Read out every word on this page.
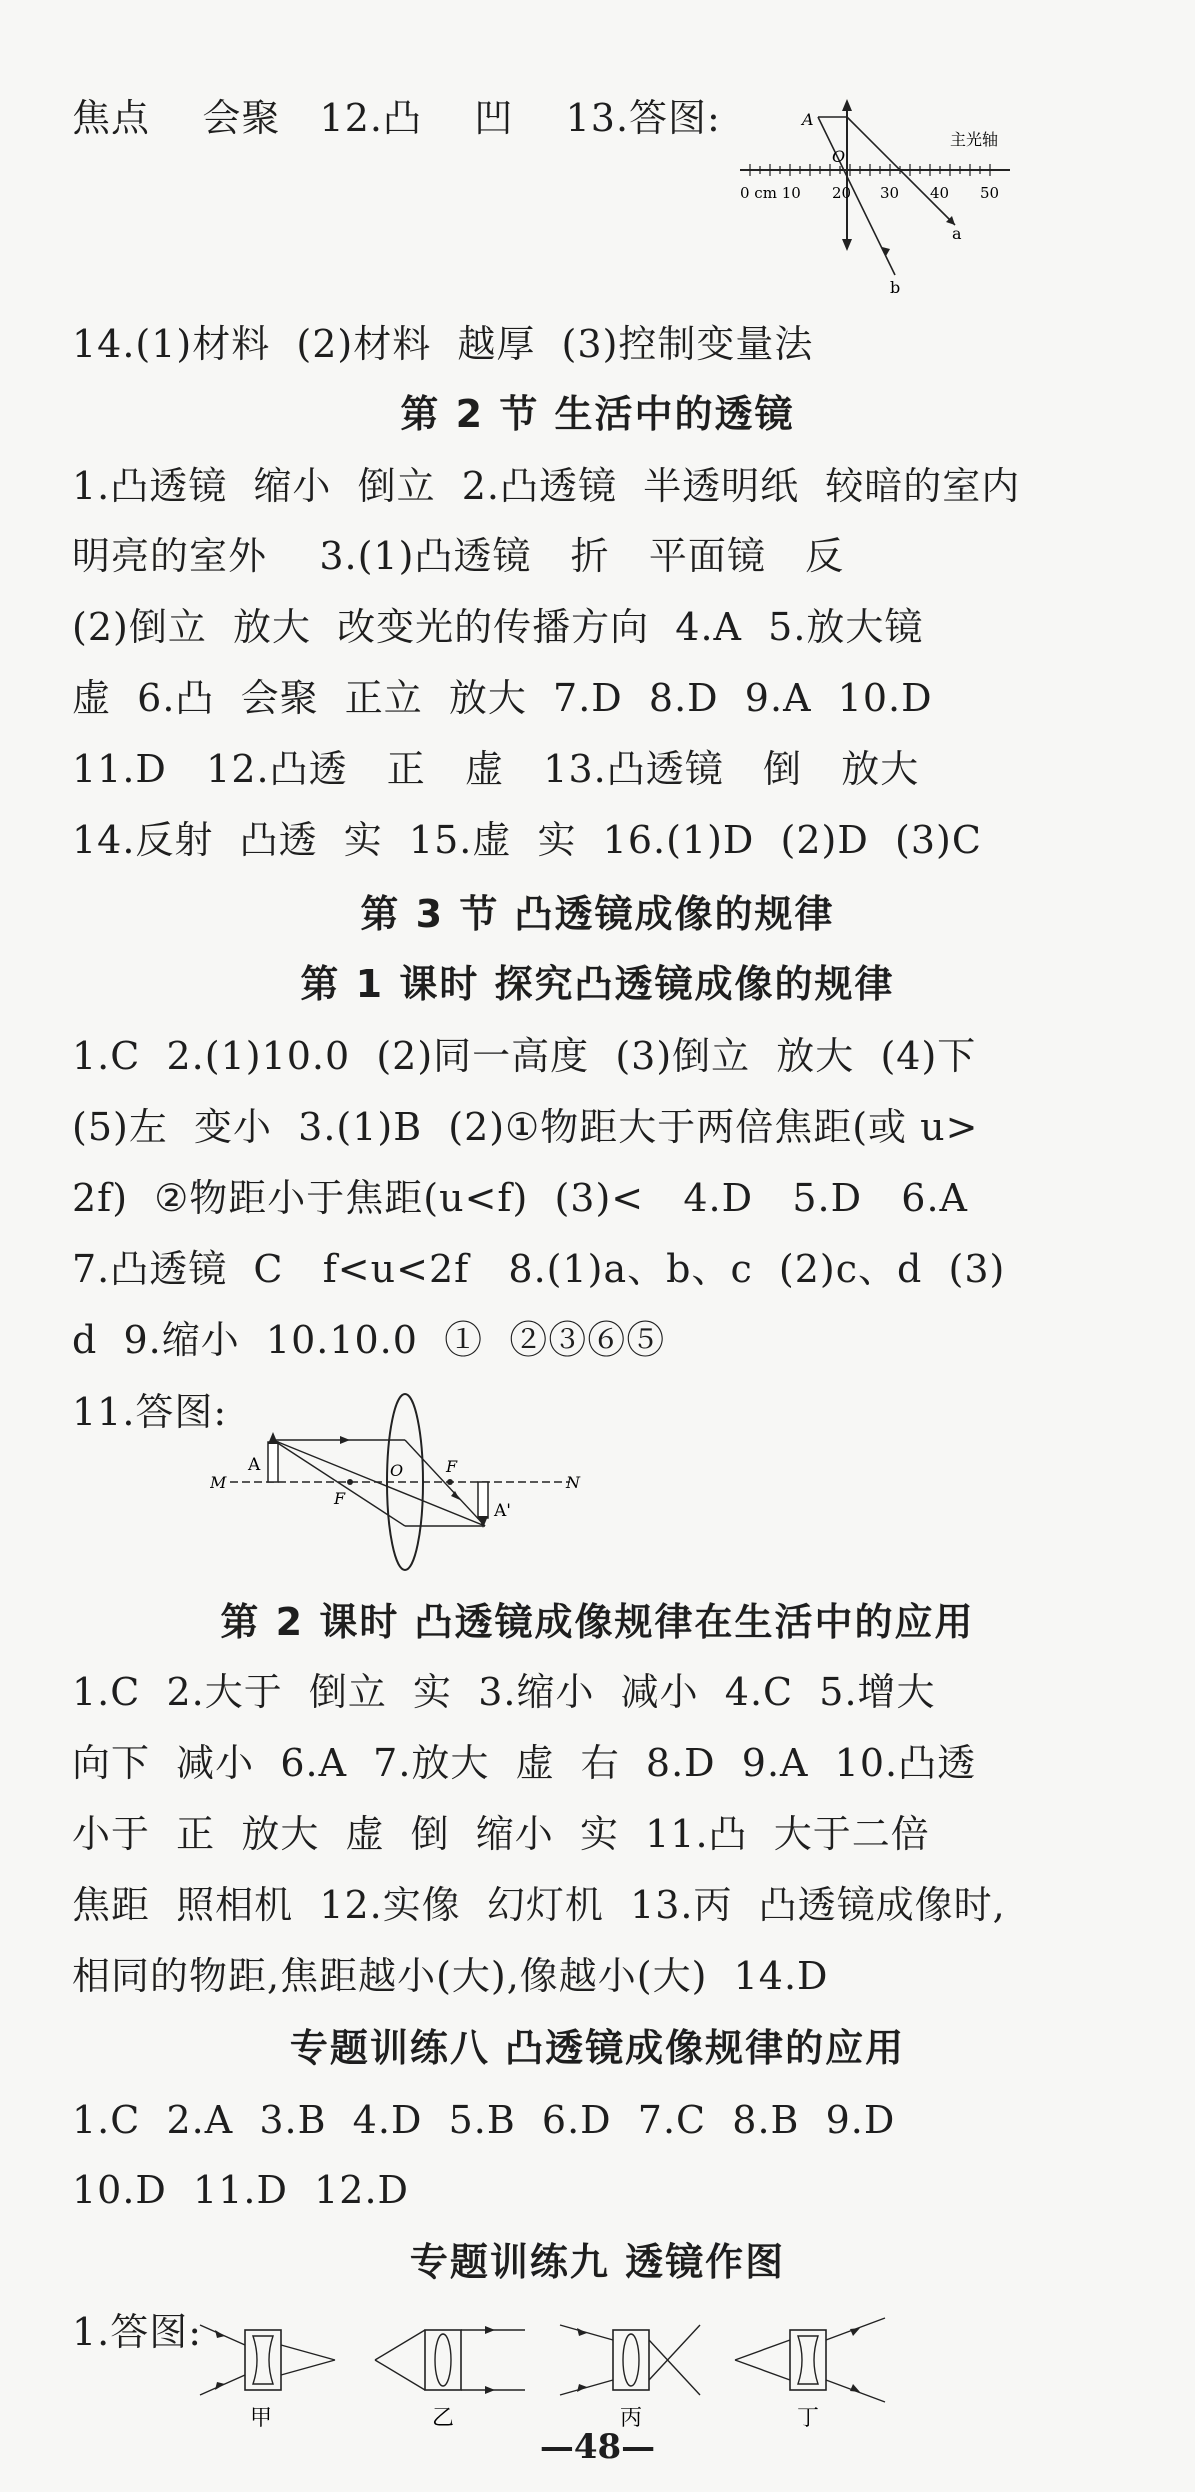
焦点    会聚   12.凸    凹    13.答图:	A
O
主光轴
0 cm 10 20 30 40 50
a
b
14.(1)材料  (2)材料  越厚  (3)控制变量法
第 2 节 生活中的透镜
1.凸透镜  缩小  倒立  2.凸透镜  半透明纸  较暗的室内
明亮的室外    3.(1)凸透镜   折   平面镜   反
(2)倒立  放大  改变光的传播方向  4.A  5.放大镜
虚  6.凸  会聚  正立  放大  7.D  8.D  9.A  10.D
11.D   12.凸透   正   虚   13.凸透镜   倒   放大
14.反射  凸透  实  15.虚  实  16.(1)D  (2)D  (3)C
第 3 节 凸透镜成像的规律
第 1 课时 探究凸透镜成像的规律
1.C  2.(1)10.0  (2)同一高度  (3)倒立  放大  (4)下
(5)左  变小  3.(1)B  (2)①物距大于两倍焦距(或 u>
2f)  ②物距小于焦距(u<f)  (3)<   4.D   5.D   6.A
7.凸透镜  C   f<u<2f   8.(1)a、b、c  (2)c、d  (3)
d  9.缩小  10.10.0  ①  ②③⑥⑤
11.答图:
M	N
A
A'
O
F
F
第 2 课时 凸透镜成像规律在生活中的应用
1.C  2.大于  倒立  实  3.缩小  减小  4.C  5.增大
向下  减小  6.A  7.放大  虚  右  8.D  9.A  10.凸透
小于  正  放大  虚  倒  缩小  实  11.凸  大于二倍
焦距  照相机  12.实像  幻灯机  13.丙  凸透镜成像时,
相同的物距,焦距越小(大),像越小(大)  14.D
专题训练八 凸透镜成像规律的应用
1.C  2.A  3.B  4.D  5.B  6.D  7.C  8.B  9.D
10.D  11.D  12.D
专题训练九 透镜作图
1.答图:
甲	乙	丙	丁
—48—
